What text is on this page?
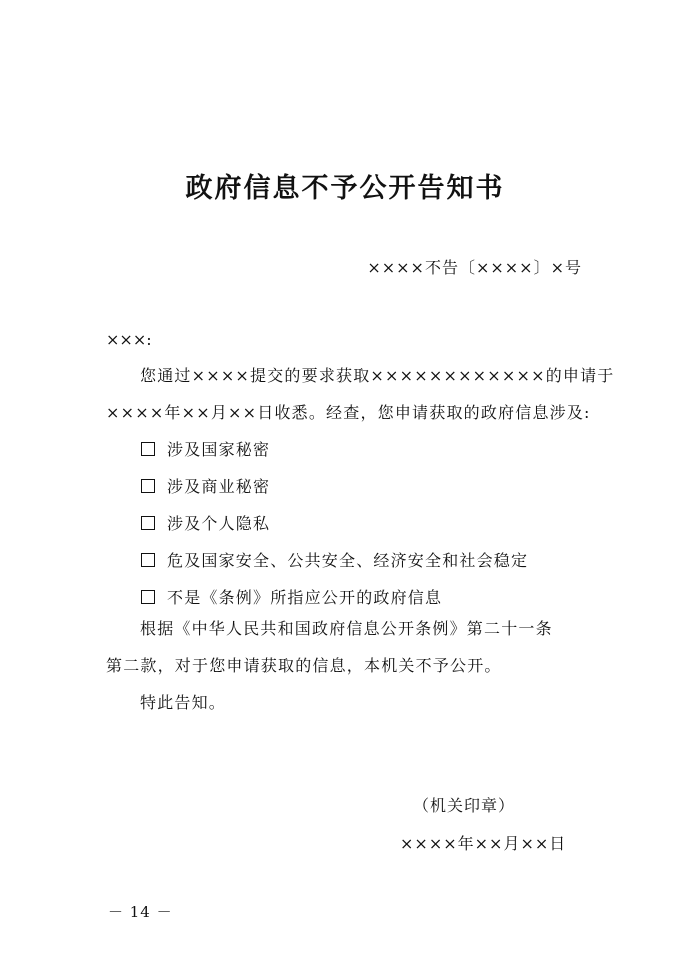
政府信息不予公开告知书
××××不告〔××××〕×号
×××:
您通过××××提交的要求获取××××××××××××的申请于
××××年××月××日收悉。经查，您申请获取的政府信息涉及:
涉及国家秘密
涉及商业秘密
涉及个人隐私
危及国家安全、公共安全、经济安全和社会稳定
不是《条例》所指应公开的政府信息
根据《中华人民共和国政府信息公开条例》第二十一条
第二款，对于您申请获取的信息，本机关不予公开。
特此告知。
（机关印章）
××××年××月××日
－ 14 －
